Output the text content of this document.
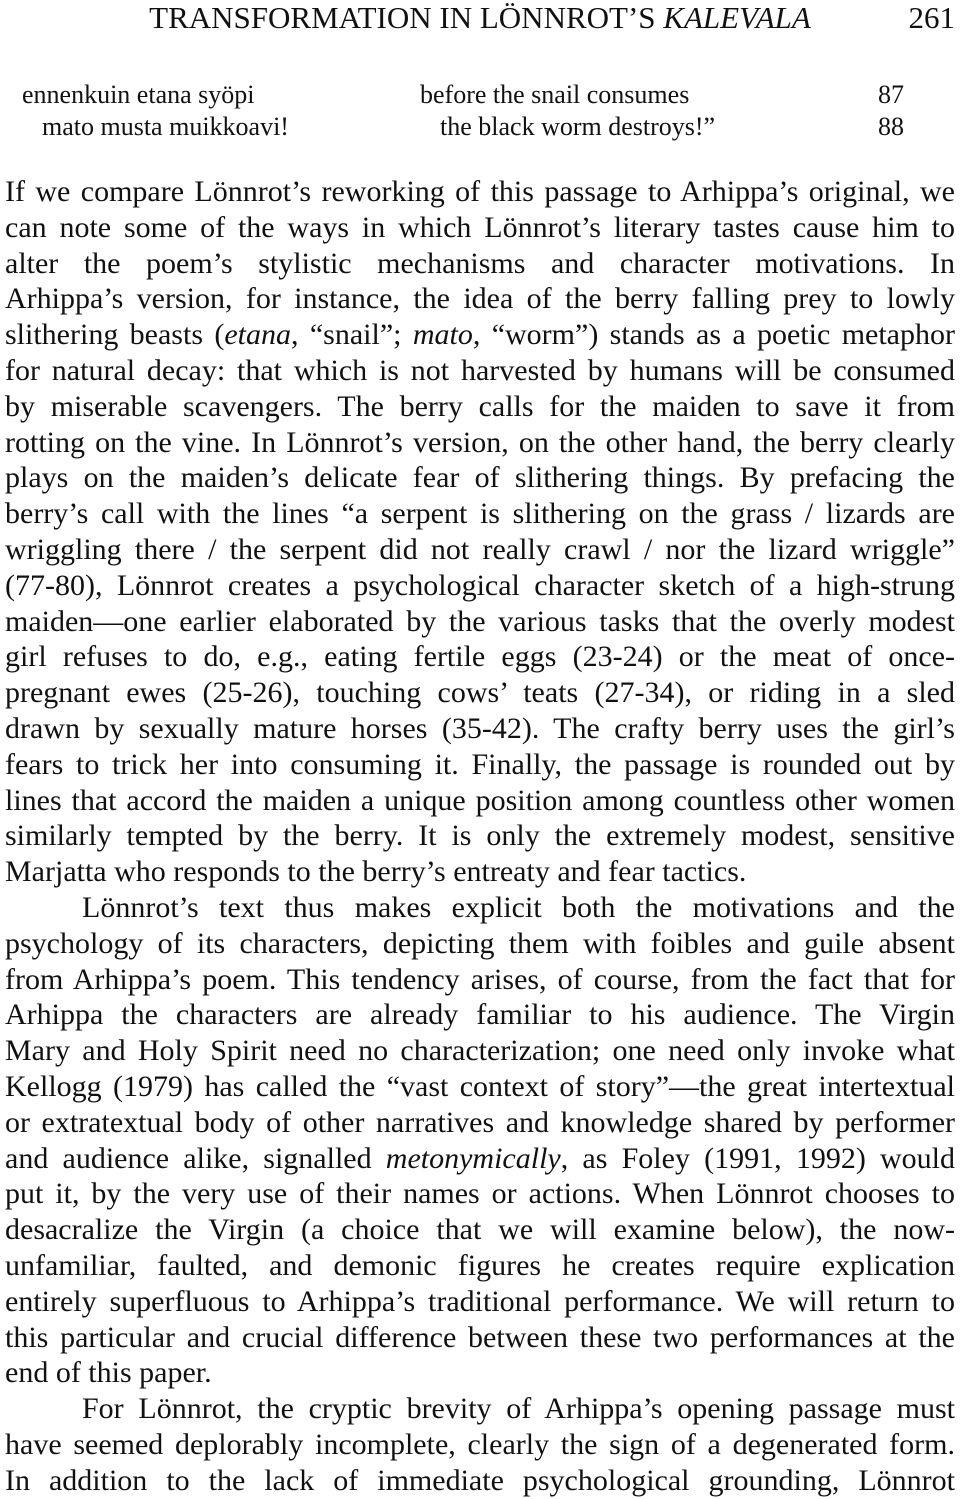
TRANSFORMATION IN LÖNNROT’S KALEVALA	261
ennenkuin etana syöpi	before the snail consumes	87
mato musta muikkoavi!	the black worm destroys!”	88
If we compare Lönnrot’s reworking of this passage to Arhippa’s original, we
can note some of the ways in which Lönnrot’s literary tastes cause him to
alter the poem’s stylistic mechanisms and character motivations. In
Arhippa’s version, for instance, the idea of the berry falling prey to lowly
slithering beasts (etana, “snail”; mato, “worm”) stands as a poetic metaphor
for natural decay: that which is not harvested by humans will be consumed
by miserable scavengers. The berry calls for the maiden to save it from
rotting on the vine. In Lönnrot’s version, on the other hand, the berry clearly
plays on the maiden’s delicate fear of slithering things. By prefacing the
berry’s call with the lines “a serpent is slithering on the grass / lizards are
wriggling there / the serpent did not really crawl / nor the lizard wriggle”
(77-80), Lönnrot creates a psychological character sketch of a high-strung
maiden—one earlier elaborated by the various tasks that the overly modest
girl refuses to do, e.g., eating fertile eggs (23-24) or the meat of once-
pregnant ewes (25-26), touching cows’ teats (27-34), or riding in a sled
drawn by sexually mature horses (35-42). The crafty berry uses the girl’s
fears to trick her into consuming it. Finally, the passage is rounded out by
lines that accord the maiden a unique position among countless other women
similarly tempted by the berry. It is only the extremely modest, sensitive
Marjatta who responds to the berry’s entreaty and fear tactics.
Lönnrot’s text thus makes explicit both the motivations and the
psychology of its characters, depicting them with foibles and guile absent
from Arhippa’s poem. This tendency arises, of course, from the fact that for
Arhippa the characters are already familiar to his audience. The Virgin
Mary and Holy Spirit need no characterization; one need only invoke what
Kellogg (1979) has called the “vast context of story”—the great intertextual
or extratextual body of other narratives and knowledge shared by performer
and audience alike, signalled metonymically, as Foley (1991, 1992) would
put it, by the very use of their names or actions. When Lönnrot chooses to
desacralize the Virgin (a choice that we will examine below), the now-
unfamiliar, faulted, and demonic figures he creates require explication
entirely superfluous to Arhippa’s traditional performance. We will return to
this particular and crucial difference between these two performances at the
end of this paper.
For Lönnrot, the cryptic brevity of Arhippa’s opening passage must
have seemed deplorably incomplete, clearly the sign of a degenerated form.
In addition to the lack of immediate psychological grounding, Lönnrot
